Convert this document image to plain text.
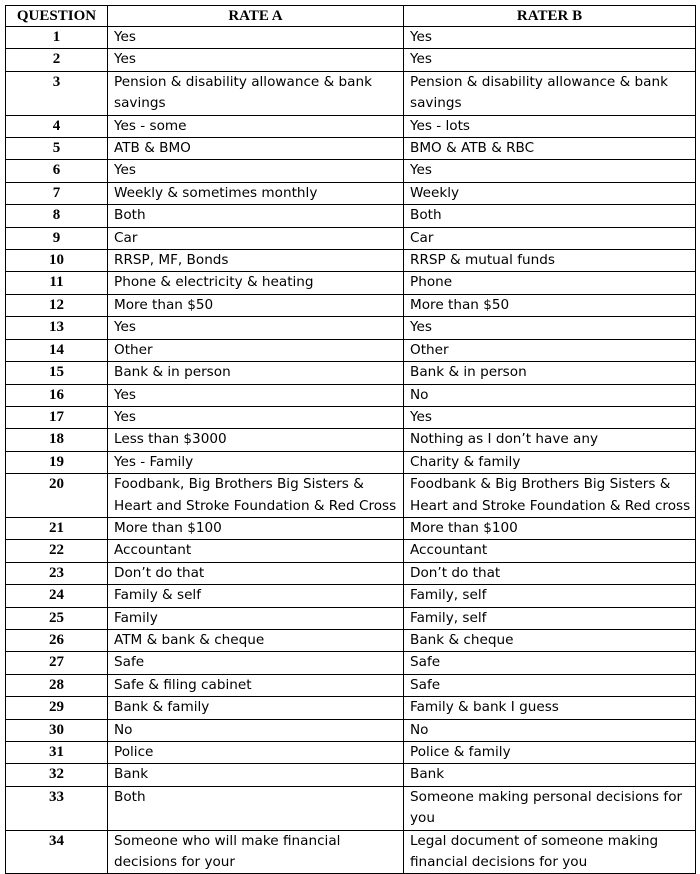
QUESTION	RATE A	RATER B
1	Yes	Yes
2	Yes	Yes
3	Pension & disability allowance & bank savings	Pension & disability allowance & bank savings
4	Yes - some	Yes - lots
5	ATB & BMO	BMO & ATB & RBC
6	Yes	Yes
7	Weekly & sometimes monthly	Weekly
8	Both	Both
9	Car	Car
10	RRSP, MF, Bonds	RRSP & mutual funds
11	Phone & electricity & heating	Phone
12	More than $50	More than $50
13	Yes	Yes
14	Other	Other
15	Bank & in person	Bank & in person
16	Yes	No
17	Yes	Yes
18	Less than $3000	Nothing as I don’t have any
19	Yes - Family	Charity & family
20	Foodbank, Big Brothers Big Sisters & Heart and Stroke Foundation & Red Cross	Foodbank & Big Brothers Big Sisters & Heart and Stroke Foundation & Red cross
21	More than $100	More than $100
22	Accountant	Accountant
23	Don’t do that	Don’t do that
24	Family & self	Family, self
25	Family	Family, self
26	ATM & bank & cheque	Bank & cheque
27	Safe	Safe
28	Safe & filing cabinet	Safe
29	Bank & family	Family & bank I guess
30	No	No
31	Police	Police & family
32	Bank	Bank
33	Both	Someone making personal decisions for you
34	Someone who will make financial decisions for your	Legal document of someone making financial decisions for you
